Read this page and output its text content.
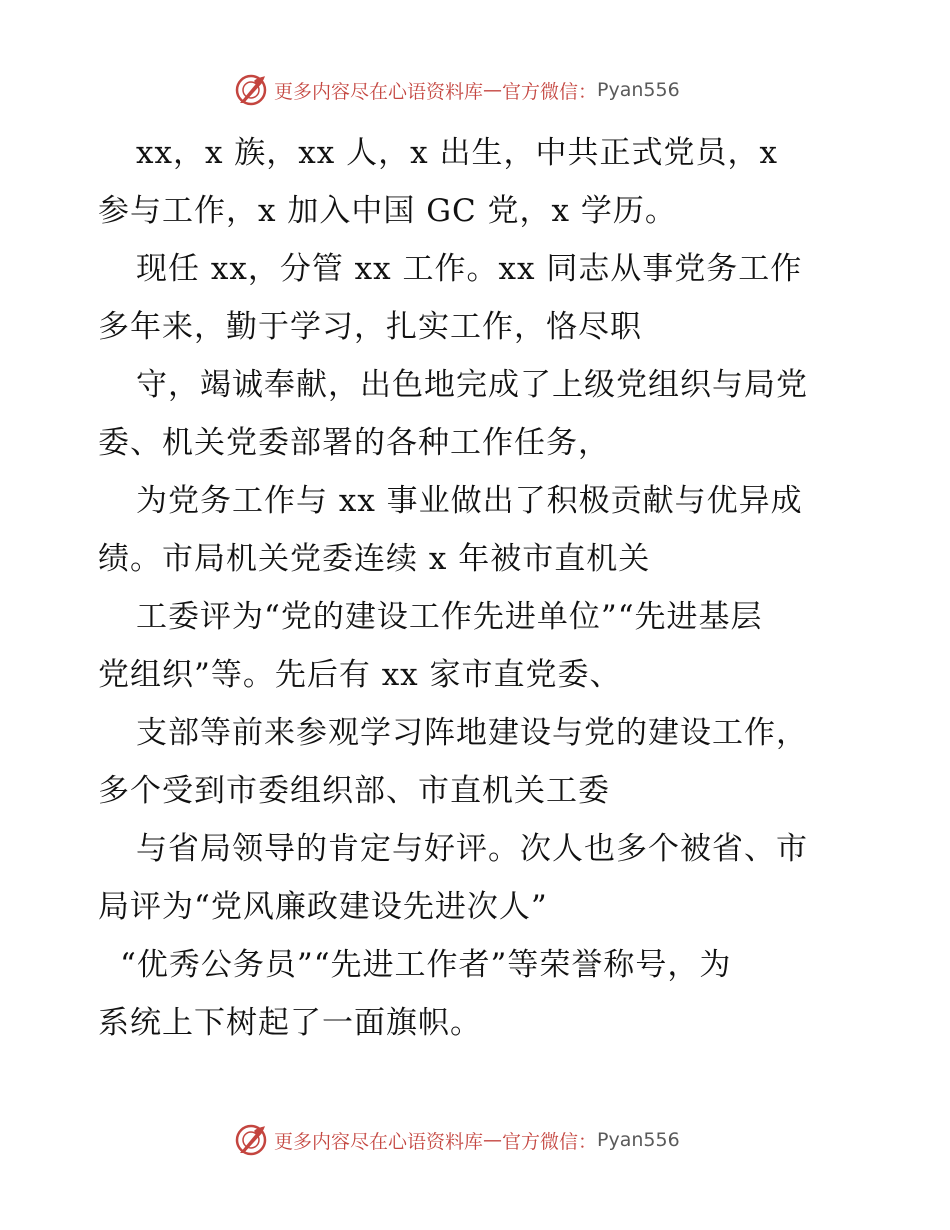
更多内容尽在心语资料库 — 官方微信： Pyan556
xx，x 族，xx 人，x 出生，中共正式党员，x
参与工作，x 加入中国 GC 党，x 学历。
现任 xx，分管 xx 工作。xx 同志从事党务工作
多年来，勤于学习，扎实工作，恪尽职
守，竭诚奉献，出色地完成了上级党组织与局党
委、机关党委部署的各种工作任务，
为党务工作与 xx 事业做出了积极贡献与优异成
绩。市局机关党委连续 x 年被市直机关
工委评为“党的建设工作先进单位”“先进基层
党组织”等。先后有 xx 家市直党委、
支部等前来参观学习阵地建设与党的建设工作，
多个受到市委组织部、市直机关工委
与省局领导的肯定与好评。次人也多个被省、市
局评为“党风廉政建设先进次人”
“优秀公务员”“先进工作者”等荣誉称号，为
系统上下树起了一面旗帜。
更多内容尽在心语资料库 — 官方微信： Pyan556
